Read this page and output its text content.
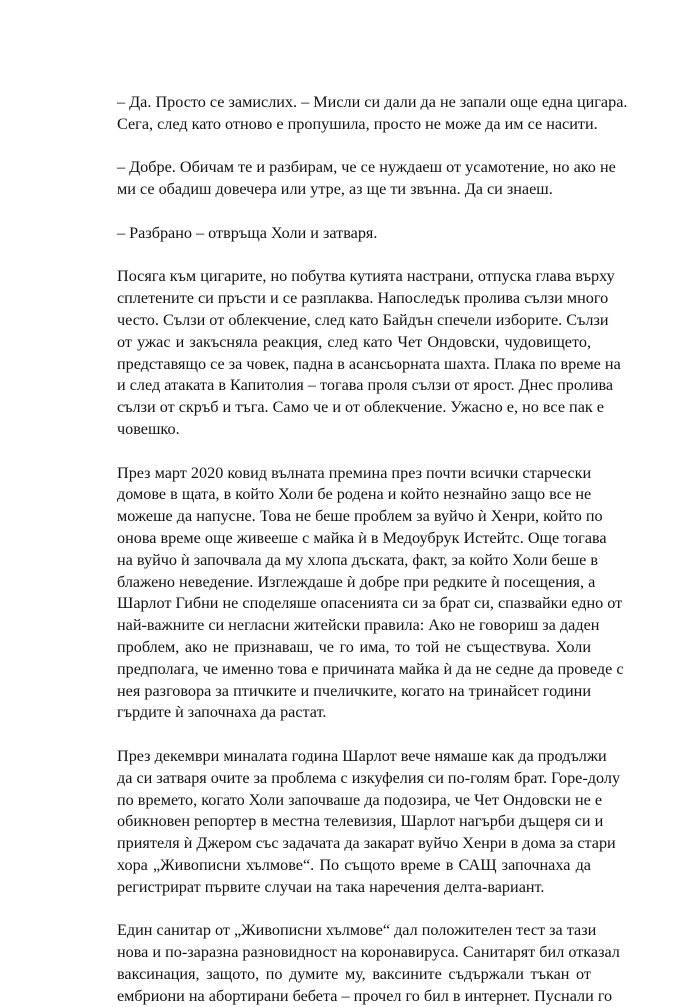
– Да. Просто се замислих. – Мисли си дали да не запали още една цигара.
Сега, след като отново е пропушила, просто не може да им се насити.
– Добре. Обичам те и разбирам, че се нуждаеш от усамотение, но ако не
ми се обадиш довечера или утре, аз ще ти звънна. Да си знаеш.
– Разбрано – отвръща Холи и затваря.
Посяга към цигарите, но побутва кутията настрани, отпуска глава върху
сплетените си пръсти и се разплаква. Напоследък пролива сълзи много
често. Сълзи от облекчение, след като Байдън спечели изборите. Сълзи
от ужас и закъсняла реакция, след като Чет Ондовски, чудовището,
представящо се за човек, падна в асансьорната шахта. Плака по време на
и след атаката в Капитолия – тогава проля сълзи от ярост. Днес пролива
сълзи от скръб и тъга. Само че и от облекчение. Ужасно е, но все пак е
човешко.
През март 2020 ковид вълната премина през почти всички старчески
домове в щата, в който Холи бе родена и който незнайно защо все не
можеше да напусне. Това не беше проблем за вуйчо ѝ Хенри, който по
онова време още живееше с майка ѝ в Медоубрук Истейтс. Още тогава
на вуйчо ѝ започвала да му хлопа дъската, факт, за който Холи беше в
блажено неведение. Изглеждаше ѝ добре при редките ѝ посещения, а
Шарлот Гибни не споделяше опасенията си за брат си, спазвайки едно от
най-важните си негласни житейски правила: Ако не говориш за даден
проблем, ако не признаваш, че го има, то той не съществува. Холи
предполага, че именно това е причината майка ѝ да не седне да проведе с
нея разговора за птичките и пчеличките, когато на тринайсет години
гърдите ѝ започнаха да растат.
През декември миналата година Шарлот вече нямаше как да продължи
да си затваря очите за проблема с изкуфелия си по-голям брат. Горе-долу
по времето, когато Холи започваше да подозира, че Чет Ондовски не е
обикновен репортер в местна телевизия, Шарлот нагърби дъщеря си и
приятеля ѝ Джером със задачата да закарат вуйчо Хенри в дома за стари
хора „Живописни хълмове“. По същото време в САЩ започнаха да
регистрират първите случаи на така наречения делта-вариант.
Един санитар от „Живописни хълмове“ дал положителен тест за тази
нова и по-заразна разновидност на коронавируса. Санитарят бил отказал
ваксинация, защото, по думите му, ваксините съдържали тъкан от
ембриони на абортирани бебета – прочел го бил в интернет. Пуснали го
